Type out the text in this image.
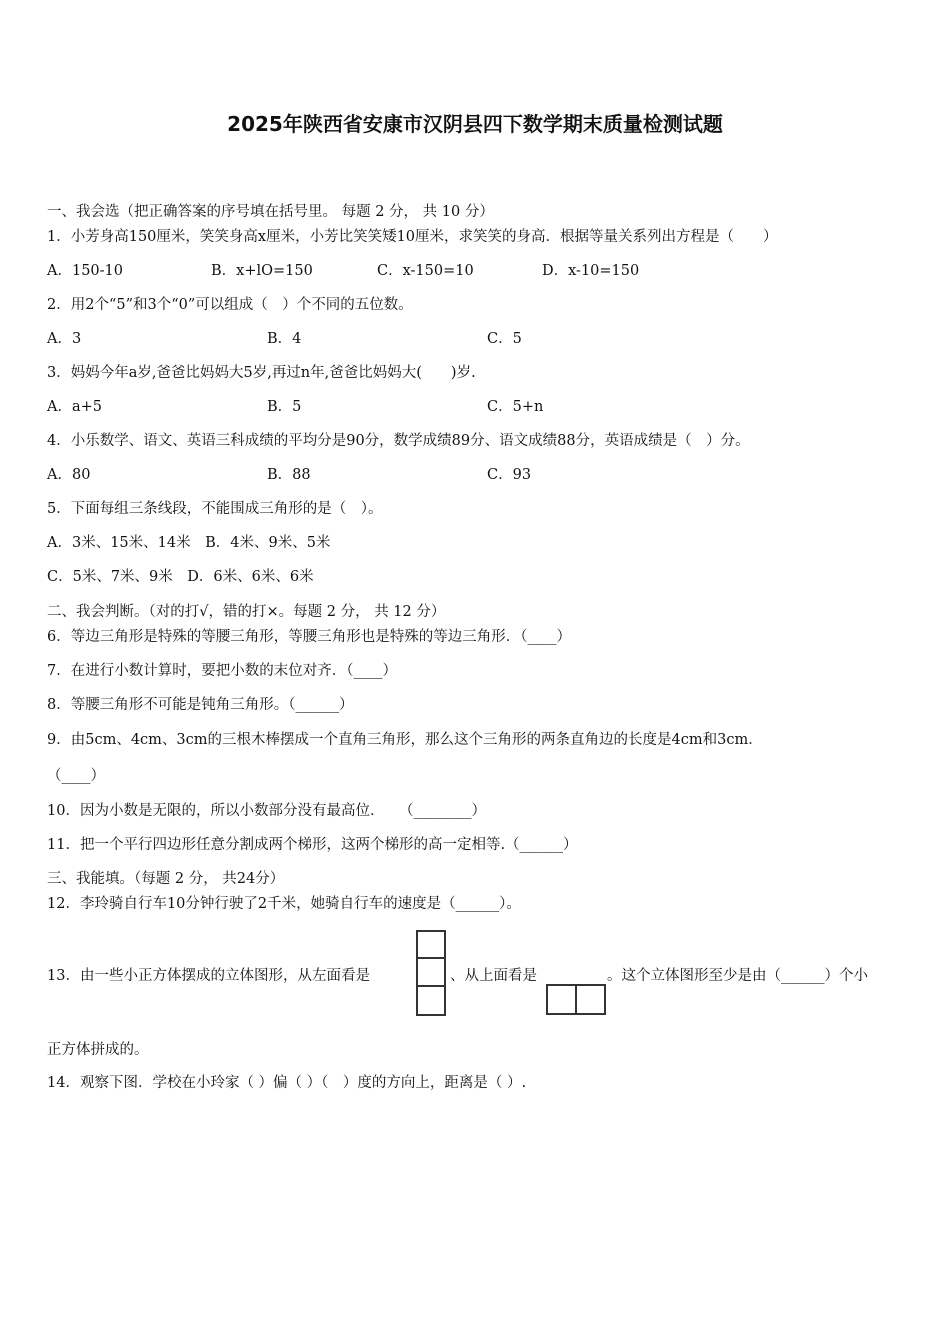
2025年陕西省安康市汉阴县四下数学期末质量检测试题
一、我会选（把正确答案的序号填在括号里。 每题 2 分， 共 10 分）
1．小芳身高150厘米，笑笑身高x厘米，小芳比笑笑矮10厘米，求笑笑的身高．根据等量关系列出方程是（　　）
A．150-10	B．x+lO=150	C．x-150=10	D．x-10=150
2．用2个“5”和3个“0”可以组成（　）个不同的五位数。
A．3	B．4	C．5
3．妈妈今年a岁,爸爸比妈妈大5岁,再过n年,爸爸比妈妈大(　　)岁.
A．a+5	B．5	C．5+n
4．小乐数学、语文、英语三科成绩的平均分是90分，数学成绩89分、语文成绩88分，英语成绩是（　）分。
A．80	B．88	C．93
5．下面每组三条线段，不能围成三角形的是（　）。
A．3米、15米、14米　B．4米、9米、5米
C．5米、7米、9米　D．6米、6米、6米
二、我会判断。（对的打√，错的打×。每题 2 分， 共 12 分）
6．等边三角形是特殊的等腰三角形，等腰三角形也是特殊的等边三角形．（____）
7．在进行小数计算时，要把小数的末位对齐．（____）
8．等腰三角形不可能是钝角三角形。（______）
9．由5cm、4cm、3cm的三根木棒摆成一个直角三角形，那么这个三角形的两条直角边的长度是4cm和3cm．
（____）
10．因为小数是无限的，所以小数部分没有最高位．　　（________）
11．把一个平行四边形任意分割成两个梯形，这两个梯形的高一定相等.（______）
三、我能填。（每题 2 分， 共24分）
12．李玲骑自行车10分钟行驶了2千米，她骑自行车的速度是（______）。
13．由一些小正方体摆成的立体图形，从左面看是	、从上面看是	。这个立体图形至少是由（______）个小
正方体拼成的。
14．观察下图．学校在小玲家（ ）偏（ ）（　）度的方向上，距离是（ ）.
